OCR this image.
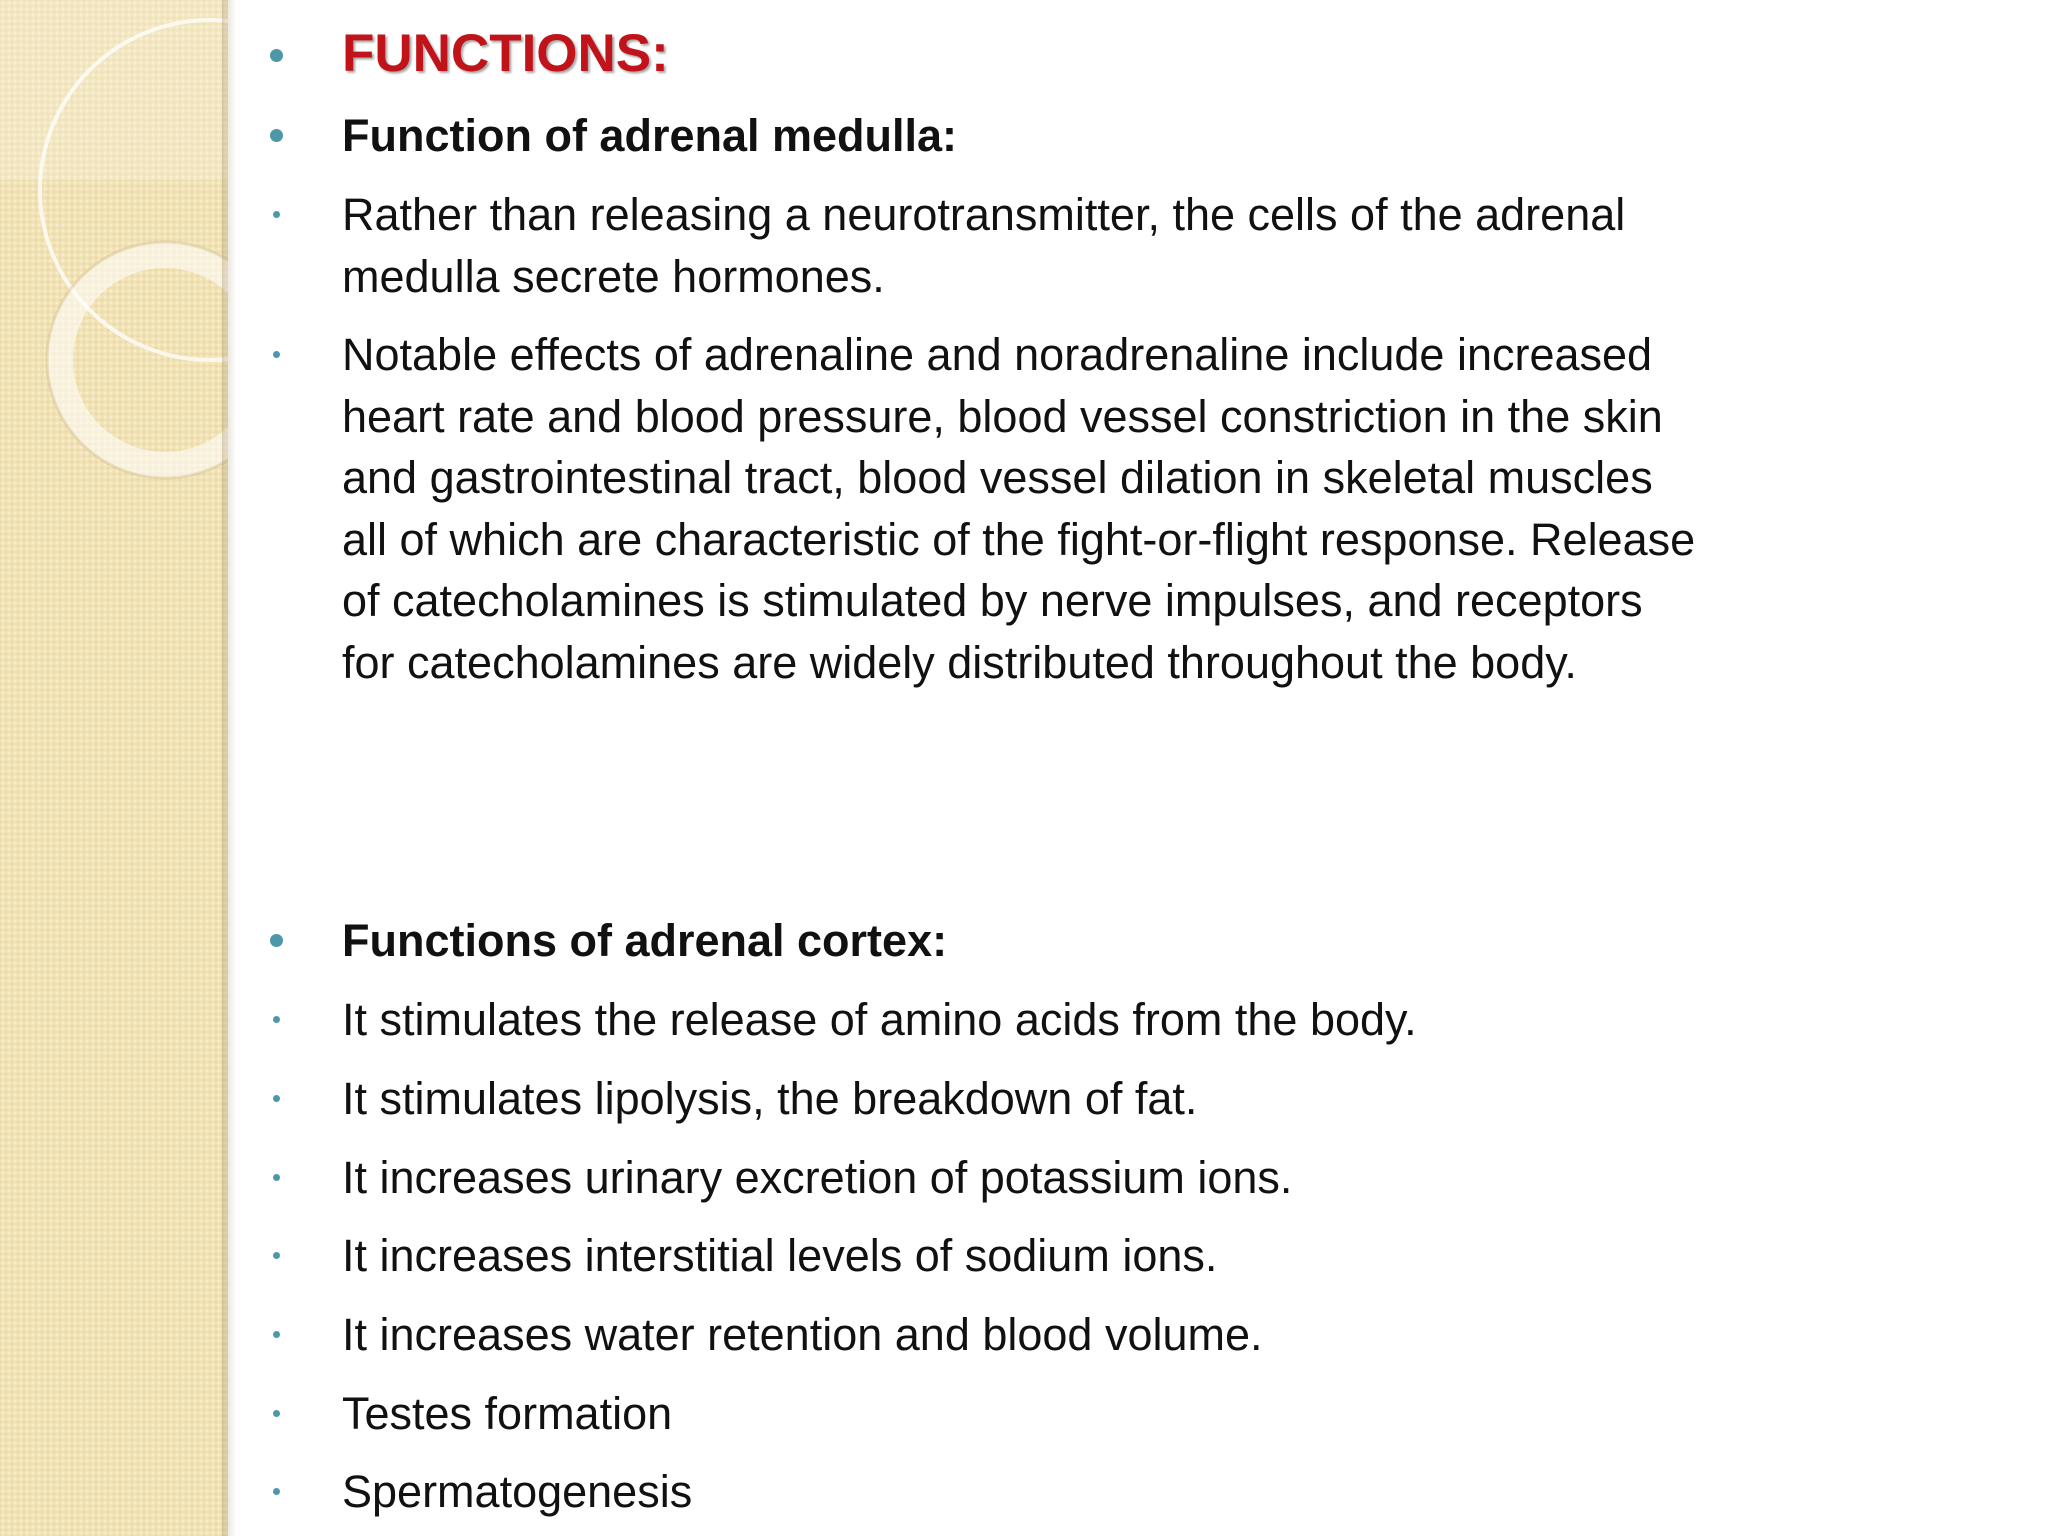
FUNCTIONS:
Function of adrenal medulla:
Rather than releasing a neurotransmitter, the cells of the adrenal medulla secrete hormones.
Notable effects of adrenaline and noradrenaline include increased heart rate and blood pressure, blood vessel constriction in the skin and gastrointestinal tract, blood vessel dilation in skeletal muscles all of which are characteristic of the fight-or-flight response. Release of catecholamines is stimulated by nerve impulses, and receptors for catecholamines are widely distributed throughout the body.
Functions of adrenal cortex:
It stimulates the release of amino acids from the body.
It stimulates lipolysis, the breakdown of fat.
It increases urinary excretion of potassium ions.
It increases interstitial levels of sodium ions.
It increases water retention and blood volume.
Testes formation
Spermatogenesis
